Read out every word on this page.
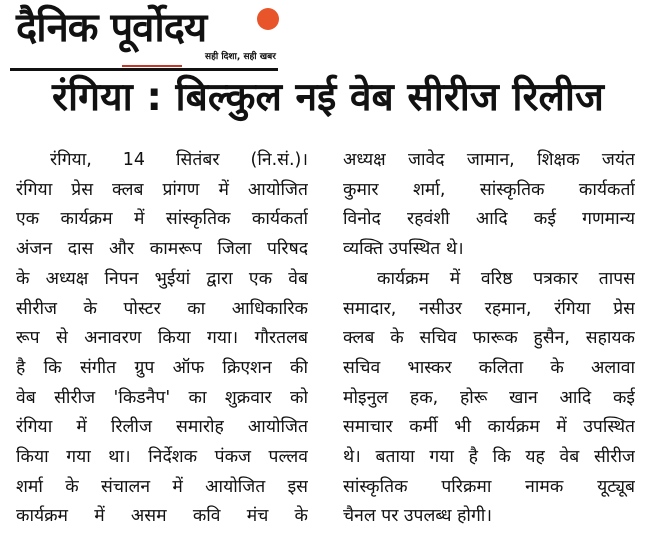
दैनिक पूर्वोदय
सही दिशा, सही खबर
रंगिया : बिल्कुल नई वेब सीरीज रिलीज
रंगिया, 14 सितंबर (नि.सं.)।
रंगिया प्रेस क्लब प्रांगण में आयोजित
एक कार्यक्रम में सांस्कृतिक कार्यकर्ता
अंजन दास और कामरूप जिला परिषद
के अध्यक्ष निपन भुईयां द्वारा एक वेब
सीरीज के पोस्टर का आधिकारिक
रूप से अनावरण किया गया। गौरतलब
है कि संगीत ग्रुप ऑफ क्रिएशन की
वेब सीरीज 'किडनैप' का शुक्रवार को
रंगिया में रिलीज समारोह आयोजित
किया गया था। निर्देशक पंकज पल्लव
शर्मा के संचालन में आयोजित इस
कार्यक्रम में असम कवि मंच के
अध्यक्ष जावेद जामान, शिक्षक जयंत
कुमार शर्मा, सांस्कृतिक कार्यकर्ता
विनोद रहवंशी आदि कई गणमान्य
व्यक्ति उपस्थित थे।
कार्यक्रम में वरिष्ठ पत्रकार तापस
समादार, नसीउर रहमान, रंगिया प्रेस
क्लब के सचिव फारूक हुसैन, सहायक
सचिव भास्कर कलिता के अलावा
मोइनुल हक, होरू खान आदि कई
समाचार कर्मी भी कार्यक्रम में उपस्थित
थे। बताया गया है कि यह वेब सीरीज
सांस्कृतिक परिक्रमा नामक यूट्यूब
चैनल पर उपलब्ध होगी।
